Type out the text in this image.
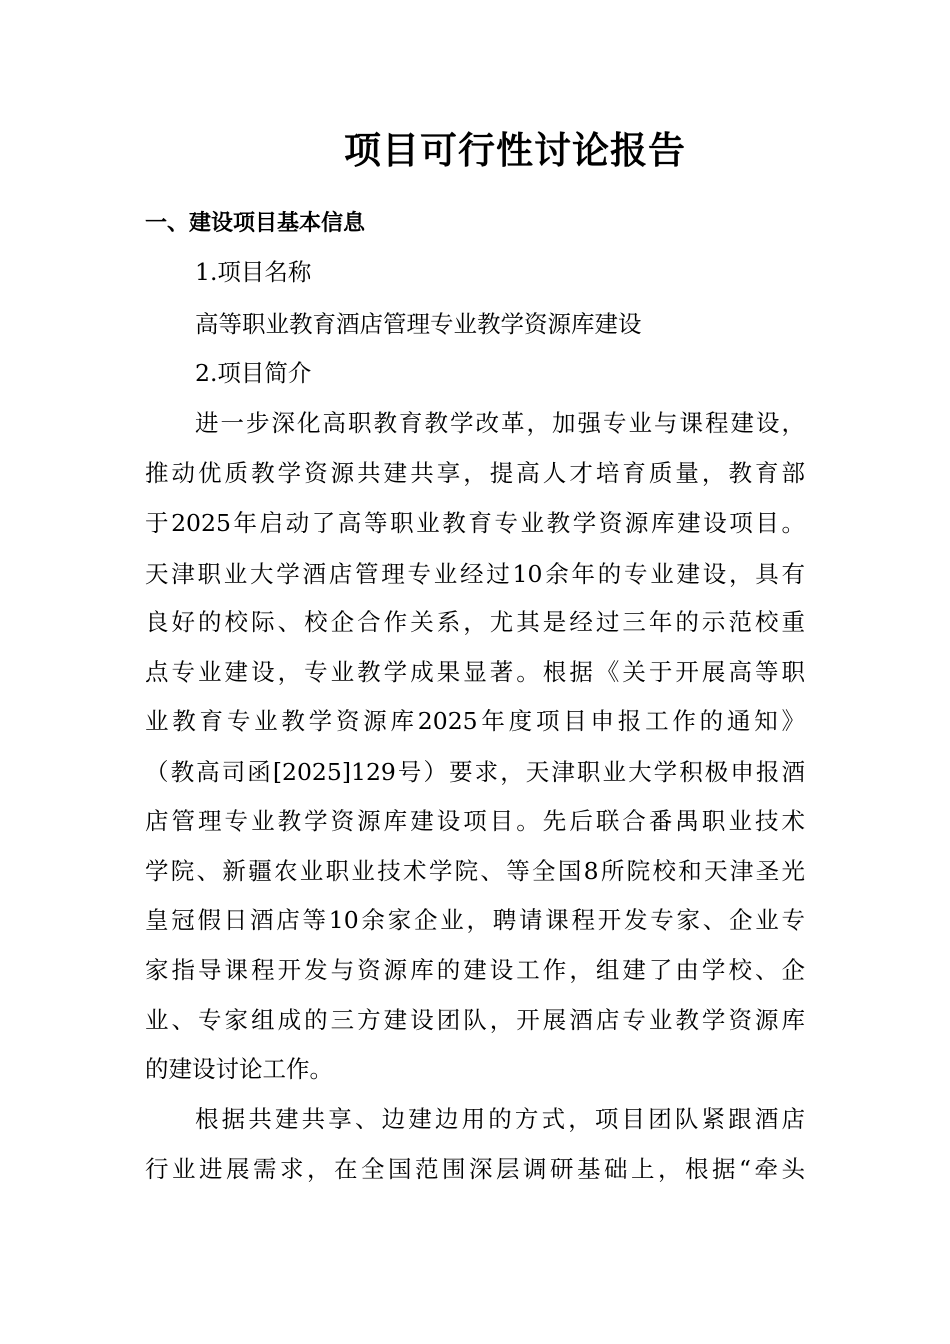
项目可行性讨论报告
一、建设项目基本信息
1.项目名称
高等职业教育酒店管理专业教学资源库建设
2.项目简介
进一步深化高职教育教学改革，加强专业与课程建设，
推动优质教学资源共建共享，提高人才培育质量，教育部
于2025年启动了高等职业教育专业教学资源库建设项目。
天津职业大学酒店管理专业经过10余年的专业建设，具有
良好的校际、校企合作关系，尤其是经过三年的示范校重
点专业建设，专业教学成果显著。根据《关于开展高等职
业教育专业教学资源库2025年度项目申报工作的通知》
（教高司函[2025]129号）要求，天津职业大学积极申报酒
店管理专业教学资源库建设项目。先后联合番禺职业技术
学院、新疆农业职业技术学院、等全国8所院校和天津圣光
皇冠假日酒店等10余家企业，聘请课程开发专家、企业专
家指导课程开发与资源库的建设工作，组建了由学校、企
业、专家组成的三方建设团队，开展酒店专业教学资源库
的建设讨论工作。
根据共建共享、边建边用的方式，项目团队紧跟酒店
行业进展需求，在全国范围深层调研基础上，根据“牵头
